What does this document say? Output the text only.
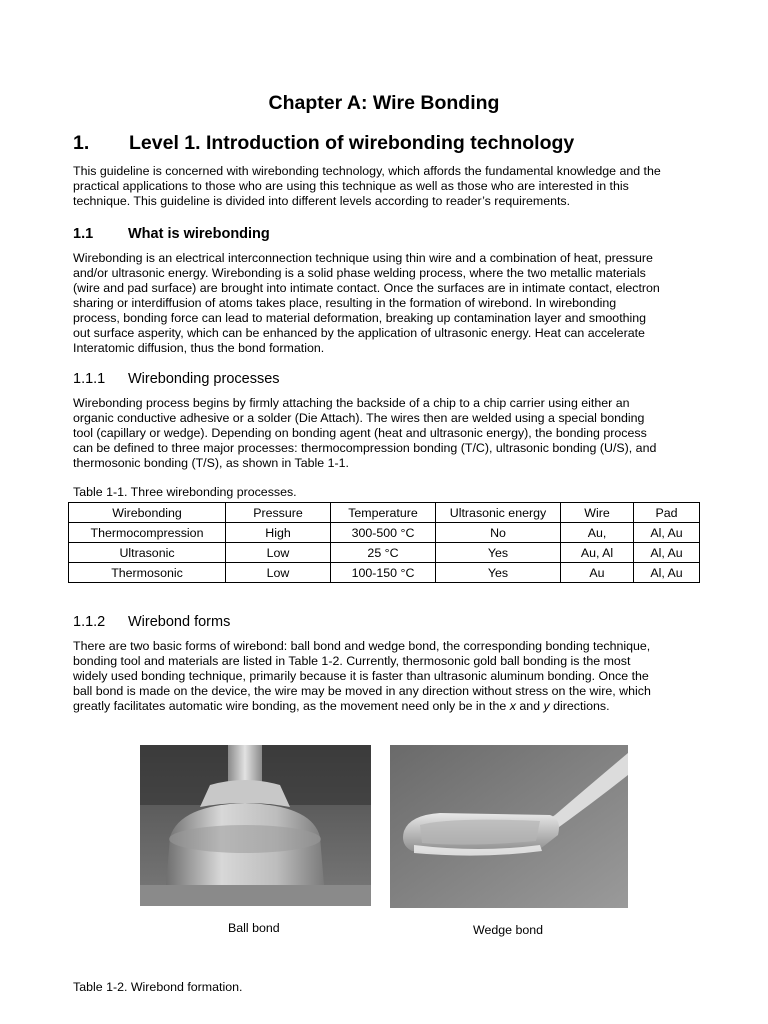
Chapter A: Wire Bonding
1. Level 1. Introduction of wirebonding technology
This guideline is concerned with wirebonding technology, which affords the fundamental knowledge and the
practical applications to those who are using this technique as well as those who are interested in this
technique. This guideline is divided into different levels according to reader’s requirements.
1.1 What is wirebonding
Wirebonding is an electrical interconnection technique using thin wire and a combination of heat, pressure
and/or ultrasonic energy. Wirebonding is a solid phase welding process, where the two metallic materials
(wire and pad surface) are brought into intimate contact. Once the surfaces are in intimate contact, electron
sharing or interdiffusion of atoms takes place, resulting in the formation of wirebond. In wirebonding
process, bonding force can lead to material deformation, breaking up contamination layer and smoothing
out surface asperity, which can be enhanced by the application of ultrasonic energy. Heat can accelerate
Interatomic diffusion, thus the bond formation.
1.1.1 Wirebonding processes
Wirebonding process begins by firmly attaching the backside of a chip to a chip carrier using either an
organic conductive adhesive or a solder (Die Attach). The wires then are welded using a special bonding
tool (capillary or wedge). Depending on bonding agent (heat and ultrasonic energy), the bonding process
can be defined to three major processes: thermocompression bonding (T/C), ultrasonic bonding (U/S), and
thermosonic bonding (T/S), as shown in Table 1-1.
Table 1-1. Three wirebonding processes.
Wirebonding	Pressure	Temperature	Ultrasonic energy	Wire	Pad
Thermocompression	High	300-500 °C	No	Au,	Al, Au
Ultrasonic	Low	25 °C	Yes	Au, Al	Al, Au
Thermosonic	Low	100-150 °C	Yes	Au	Al, Au
1.1.2 Wirebond forms
There are two basic forms of wirebond: ball bond and wedge bond, the corresponding bonding technique,
bonding tool and materials are listed in Table 1-2. Currently, thermosonic gold ball bonding is the most
widely used bonding technique, primarily because it is faster than ultrasonic aluminum bonding. Once the
ball bond is made on the device, the wire may be moved in any direction without stress on the wire, which
greatly facilitates automatic wire bonding, as the movement need only be in the x and y directions.
Ball bond	Wedge bond
Table 1-2. Wirebond formation.
